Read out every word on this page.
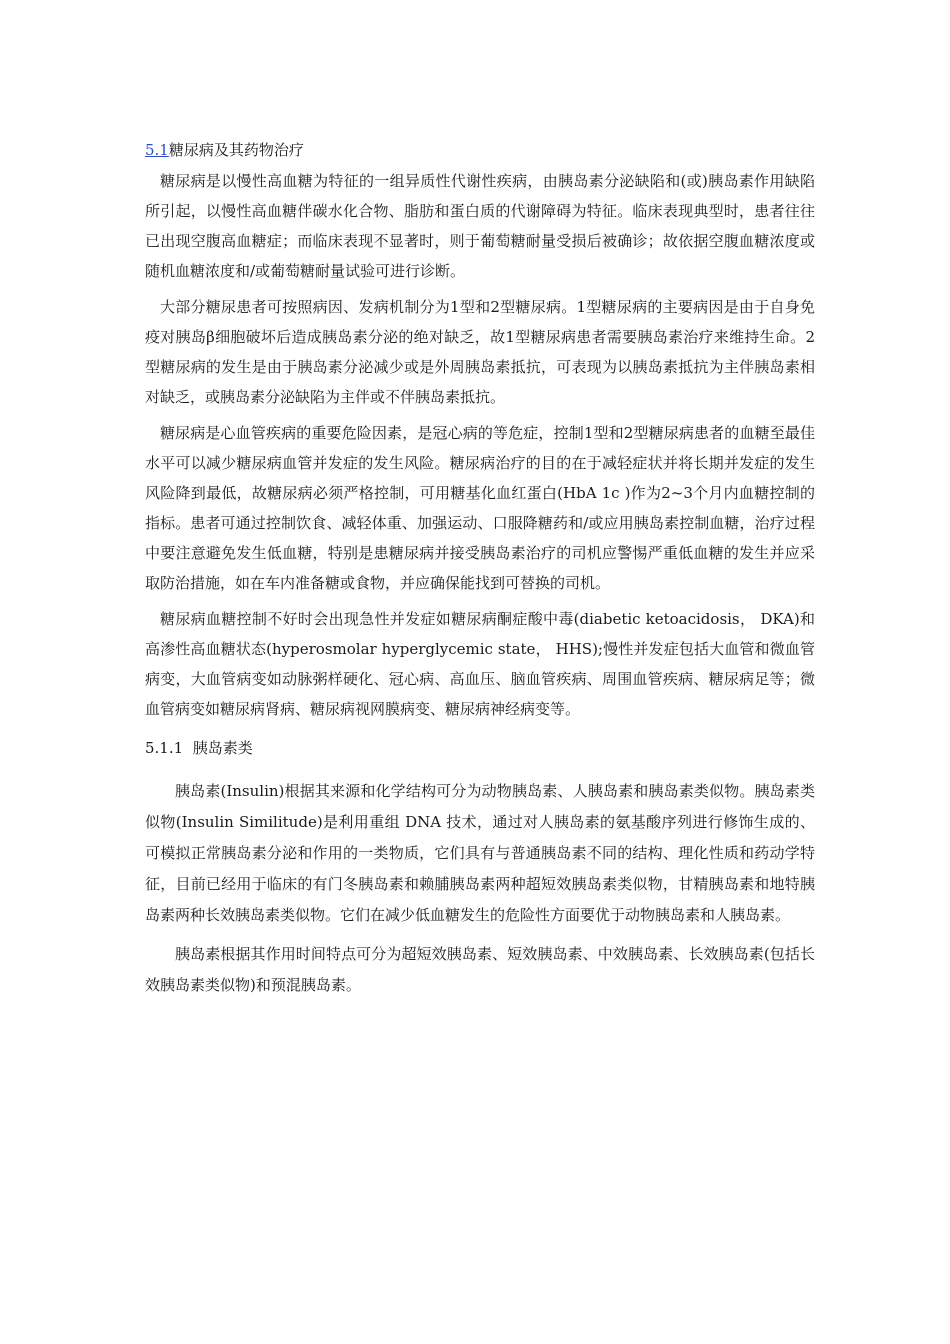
5.1糖尿病及其药物治疗

糖尿病是以慢性高血糖为特征的一组异质性代谢性疾病，由胰岛素分泌缺陷和(或)胰岛素作用缺陷所引起，以慢性高血糖伴碳水化合物、脂肪和蛋白质的代谢障碍为特征。临床表现典型时，患者往往已出现空腹高血糖症；而临床表现不显著时，则于葡萄糖耐量受损后被确诊；故依据空腹血糖浓度或随机血糖浓度和/或葡萄糖耐量试验可进行诊断。

大部分糖尿患者可按照病因、发病机制分为1型和2型糖尿病。1型糖尿病的主要病因是由于自身免疫对胰岛β细胞破坏后造成胰岛素分泌的绝对缺乏，故1型糖尿病患者需要胰岛素治疗来维持生命。2型糖尿病的发生是由于胰岛素分泌减少或是外周胰岛素抵抗，可表现为以胰岛素抵抗为主伴胰岛素相对缺乏，或胰岛素分泌缺陷为主伴或不伴胰岛素抵抗。

糖尿病是心血管疾病的重要危险因素，是冠心病的等危症，控制1型和2型糖尿病患者的血糖至最佳水平可以减少糖尿病血管并发症的发生风险。糖尿病治疗的目的在于减轻症状并将长期并发症的发生风险降到最低，故糖尿病必须严格控制，可用糖基化血红蛋白(HbA 1c )作为2~3个月内血糖控制的指标。患者可通过控制饮食、减轻体重、加强运动、口服降糖药和/或应用胰岛素控制血糖，治疗过程中要注意避免发生低血糖，特别是患糖尿病并接受胰岛素治疗的司机应警惕严重低血糖的发生并应采取防治措施，如在车内准备糖或食物，并应确保能找到可替换的司机。

糖尿病血糖控制不好时会出现急性并发症如糖尿病酮症酸中毒(diabetic ketoacidosis， DKA)和高渗性高血糖状态(hyperosmolar hyperglycemic state， HHS);慢性并发症包括大血管和微血管病变，大血管病变如动脉粥样硬化、冠心病、高血压、脑血管疾病、周围血管疾病、糖尿病足等；微血管病变如糖尿病肾病、糖尿病视网膜病变、糖尿病神经病变等。

5.1.1 胰岛素类

胰岛素(Insulin)根据其来源和化学结构可分为动物胰岛素、人胰岛素和胰岛素类似物。胰岛素类似物(Insulin Similitude)是利用重组 DNA 技术，通过对人胰岛素的氨基酸序列进行修饰生成的、可模拟正常胰岛素分泌和作用的一类物质，它们具有与普通胰岛素不同的结构、理化性质和药动学特征，目前已经用于临床的有门冬胰岛素和赖脯胰岛素两种超短效胰岛素类似物，甘精胰岛素和地特胰岛素两种长效胰岛素类似物。它们在减少低血糖发生的危险性方面要优于动物胰岛素和人胰岛素。

胰岛素根据其作用时间特点可分为超短效胰岛素、短效胰岛素、中效胰岛素、长效胰岛素(包括长效胰岛素类似物)和预混胰岛素。
